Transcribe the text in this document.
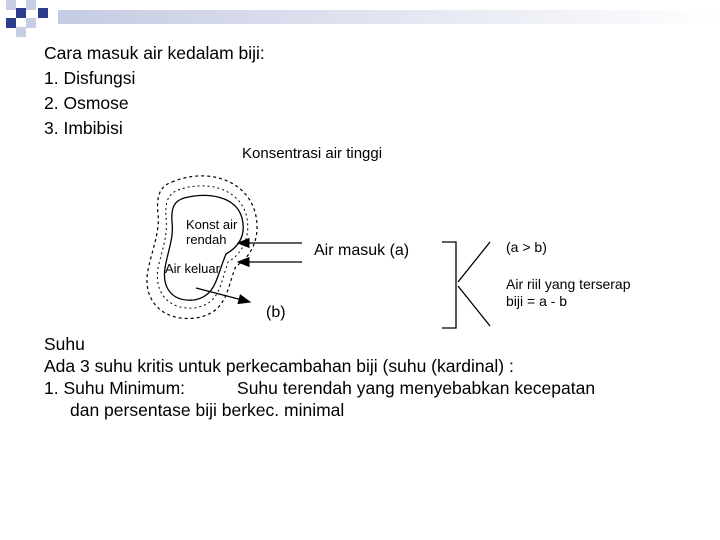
Cara masuk air kedalam biji:
1. Disfungsi
2. Osmose
3. Imbibisi
Konsentrasi air tinggi
Konst air
rendah
Air keluar
Air masuk (a)
(b)
(a > b)
Air riil yang terserap
biji = a - b
Suhu
Ada 3 suhu kritis untuk perkecambahan biji (suhu (kardinal) :
1. Suhu Minimum:	Suhu terendah yang menyebabkan kecepatan
dan persentase biji berkec. minimal
